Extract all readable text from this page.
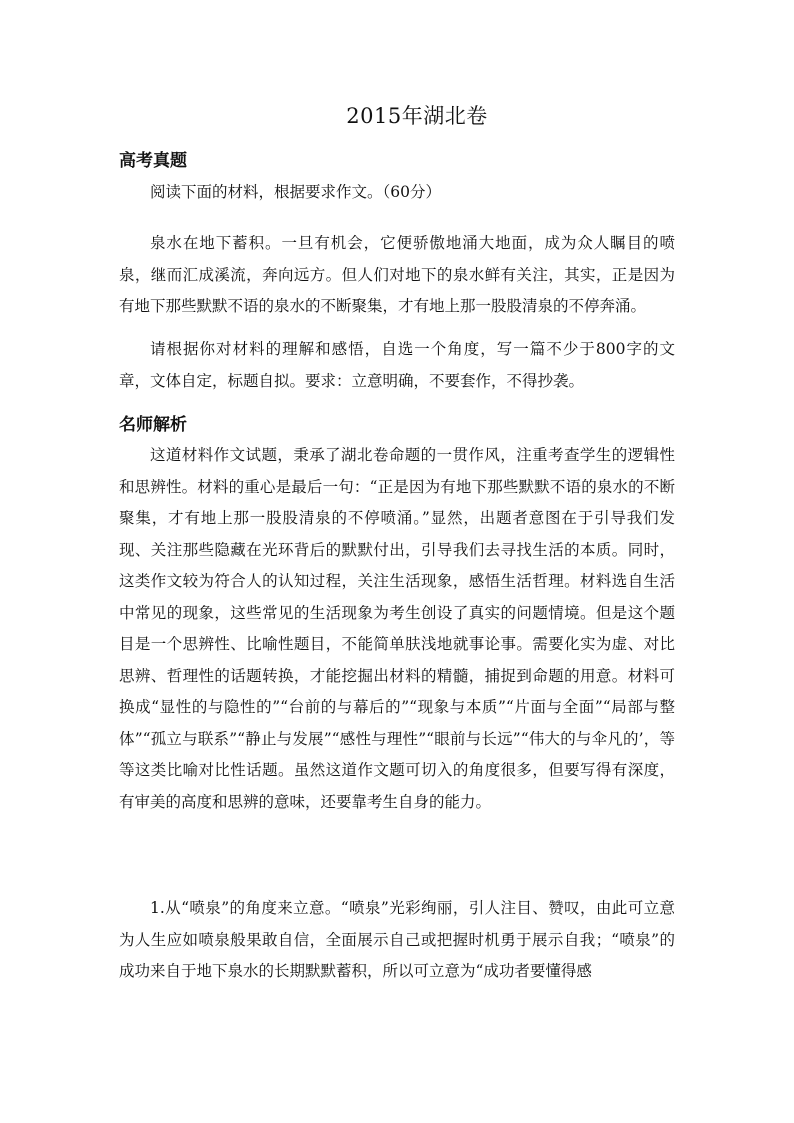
2015年湖北卷
高考真题

阅读下面的材料，根据要求作文。（60分）

泉水在地下蓄积。一旦有机会，它便骄傲地涌大地面，成为众人瞩目的喷泉，继而汇成溪流，奔向远方。但人们对地下的泉水鲜有关注，其实，正是因为有地下那些默默不语的泉水的不断聚集，才有地上那一股股清泉的不停奔涌。

请根据你对材料的理解和感悟，自选一个角度，写一篇不少于800字的文章，文体自定，标题自拟。要求：立意明确，不要套作，不得抄袭。

名师解析

这道材料作文试题，秉承了湖北卷命题的一贯作风，注重考查学生的逻辑性和思辨性。材料的重心是最后一句：“正是因为有地下那些默默不语的泉水的不断聚集，才有地上那一股股清泉的不停喷涌。”显然，出题者意图在于引导我们发现、关注那些隐藏在光环背后的默默付出，引导我们去寻找生活的本质。同时，这类作文较为符合人的认知过程，关注生活现象，感悟生活哲理。材料选自生活中常见的现象，这些常见的生活现象为考生创设了真实的问题情境。但是这个题目是一个思辨性、比喻性题目，不能简单肤浅地就事论事。需要化实为虚、对比思辨、哲理性的话题转换，才能挖掘出材料的精髓，捕捉到命题的用意。材料可换成“显性的与隐性的”“台前的与幕后的”“现象与本质”“片面与全面”“局部与整体”“孤立与联系”“静止与发展”“感性与理性”“眼前与长远”“伟大的与伞凡的’，等等这类比喻对比性话题。虽然这道作文题可切入的角度很多，但要写得有深度，有审美的高度和思辨的意味，还要靠考生自身的能力。

1.从“喷泉”的角度来立意。“喷泉”光彩绚丽，引人注目、赞叹，由此可立意为人生应如喷泉般果敢自信，全面展示自己或把握时机勇于展示自我；“喷泉”的成功来自于地下泉水的长期默默蓄积，所以可立意为“成功者要懂得感
